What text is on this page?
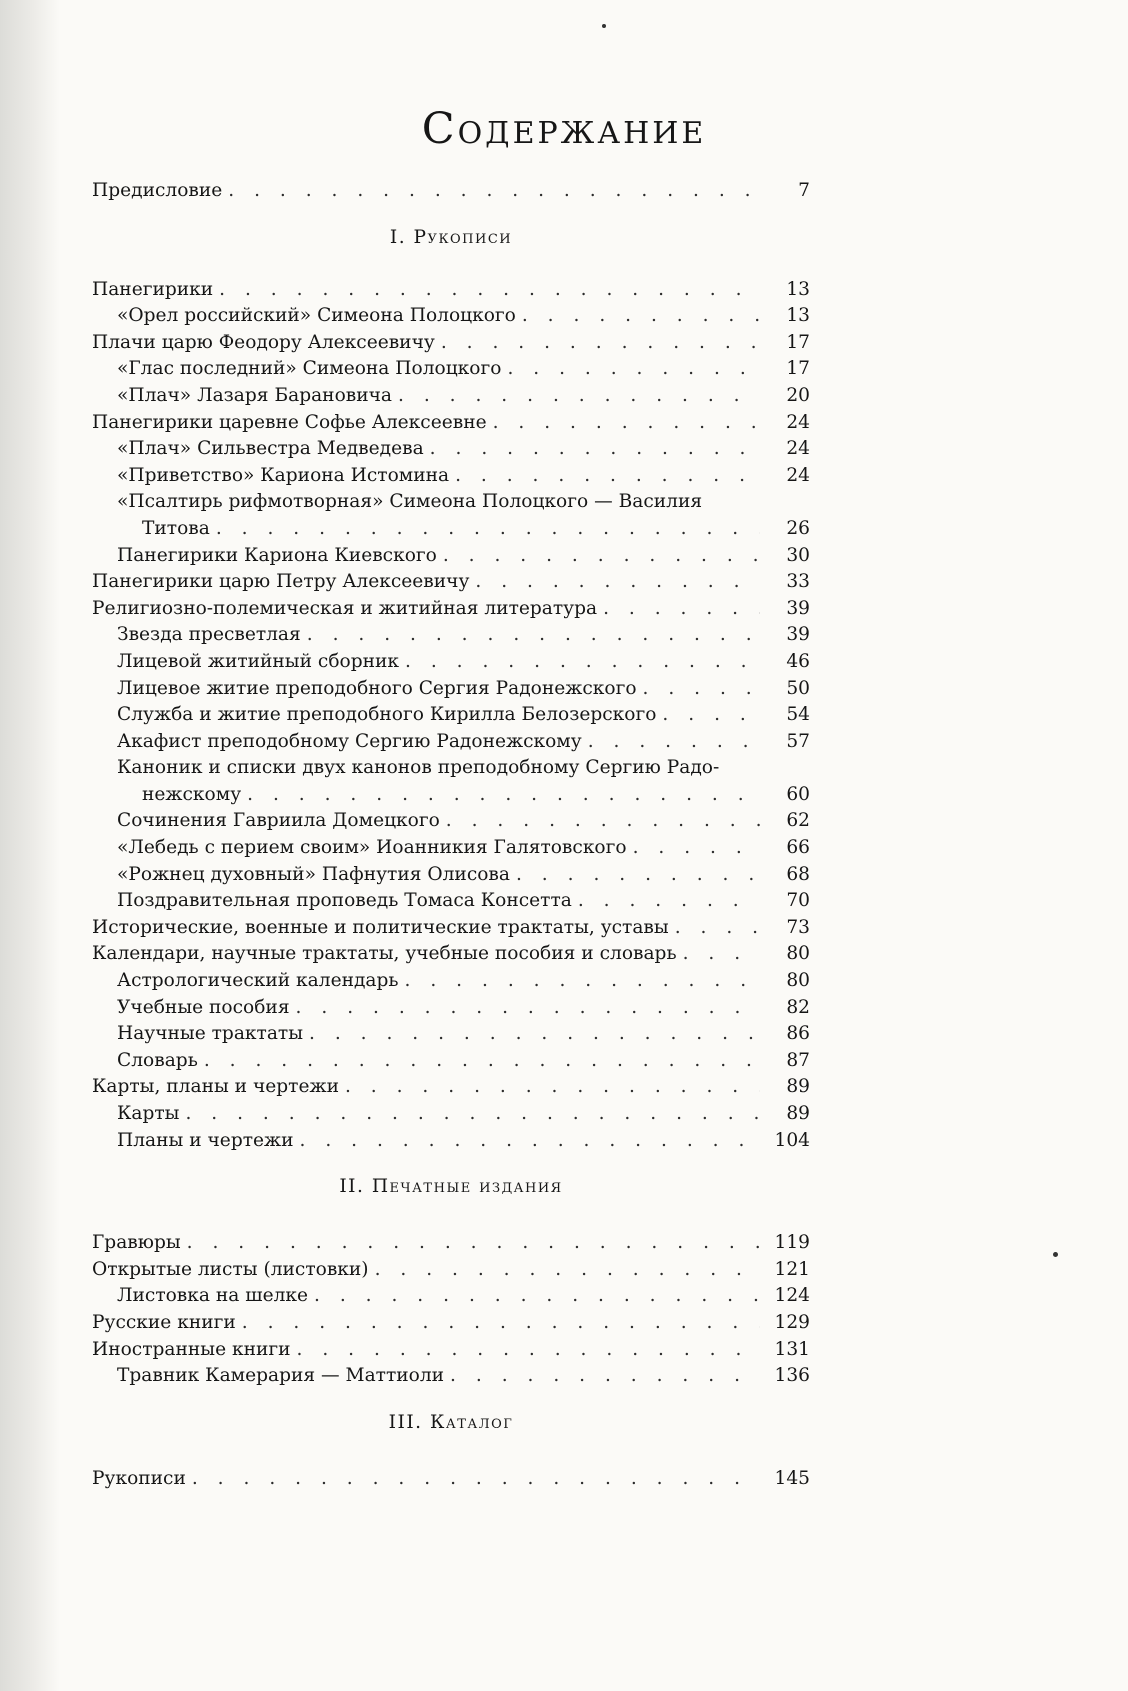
Содержание
Предисловие . . .	7
I. Рукописи
Панегирики . . .	13
«Орел российский» Симеона Полоцкого . . .	13
Плачи царю Феодору Алексеевичу . . .	17
«Глас последний» Симеона Полоцкого . . .	17
«Плач» Лазаря Барановича . . .	20
Панегирики царевне Софье Алексеевне . . .	24
«Плач» Сильвестра Медведева . . .	24
«Приветство» Кариона Истомина . . .	24
«Псалтирь рифмотворная» Симеона Полоцкого — Василия
Титова . . .	26
Панегирики Кариона Киевского . . .	30
Панегирики царю Петру Алексеевичу . . .	33
Религиозно-полемическая и житийная литература . . .	39
Звезда пресветлая . . .	39
Лицевой житийный сборник . . .	46
Лицевое житие преподобного Сергия Радонежского . . .	50
Служба и житие преподобного Кирилла Белозерского . . .	54
Акафист преподобному Сергию Радонежскому . . .	57
Каноник и списки двух канонов преподобному Сергию Радо-
нежскому . . .	60
Сочинения Гавриила Домецкого . . .	62
«Лебедь с перием своим» Иоанникия Галятовского . . .	66
«Рожнец духовный» Пафнутия Олисова . . .	68
Поздравительная проповедь Томаса Консетта . . .	70
Исторические, военные и политические трактаты, уставы . . .	73
Календари, научные трактаты, учебные пособия и словарь . . .	80
Астрологический календарь . . .	80
Учебные пособия . . .	82
Научные трактаты . . .	86
Словарь . . .	87
Карты, планы и чертежи . . .	89
Карты . . .	89
Планы и чертежи . . .	104
II. Печатные издания
Гравюры . . .	119
Открытые листы (листовки) . . .	121
Листовка на шелке . . .	124
Русские книги . . .	129
Иностранные книги . . .	131
Травник Камерария — Маттиоли . . .	136
III. Каталог
Рукописи . . .	145
